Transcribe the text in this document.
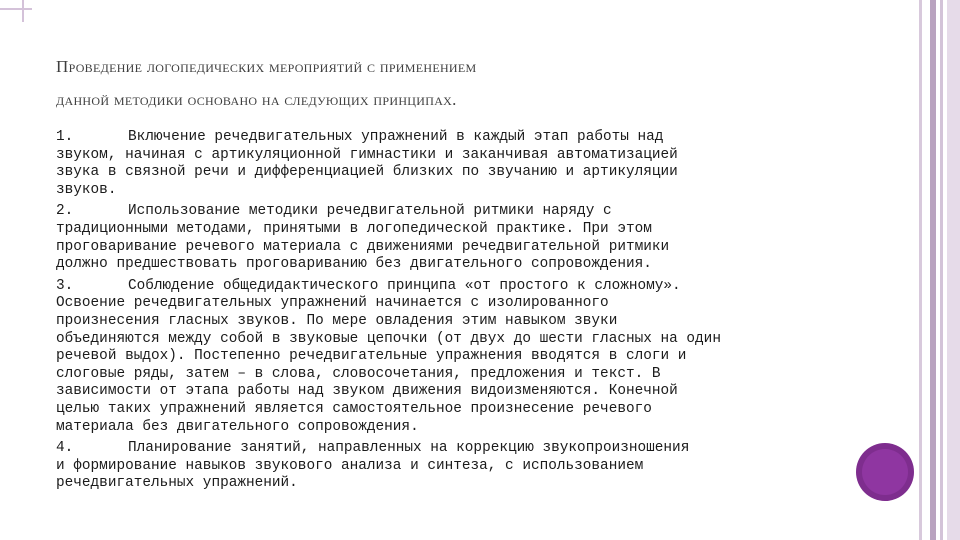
Проведение логопедических мероприятий с применением
данной методики основано на следующих принципах.

1.	Включение речедвигательных упражнений в каждый этап работы над
звуком, начиная с артикуляционной гимнастики и заканчивая автоматизацией
звука в связной речи и дифференциацией близких по звучанию и артикуляции
звуков.

2.	Использование методики речедвигательной ритмики наряду с
традиционными методами, принятыми в логопедической практике. При этом
проговаривание речевого материала с движениями речедвигательной ритмики
должно предшествовать проговариванию без двигательного сопровождения.

3.	Соблюдение общедидактического принципа «от простого к сложному».
Освоение речедвигательных упражнений начинается с изолированного
произнесения гласных звуков. По мере овладения этим навыком звуки
объединяются между собой в звуковые цепочки (от двух до шести гласных на один
речевой выдох). Постепенно речедвигательные упражнения вводятся в слоги и
слоговые ряды, затем – в слова, словосочетания, предложения и текст. В
зависимости от этапа работы над звуком движения видоизменяются. Конечной
целью таких упражнений является самостоятельное произнесение речевого
материала без двигательного сопровождения.

4.	Планирование занятий, направленных на коррекцию звукопроизношения
и формирование навыков звукового анализа и синтеза, с использованием
речедвигательных упражнений.
